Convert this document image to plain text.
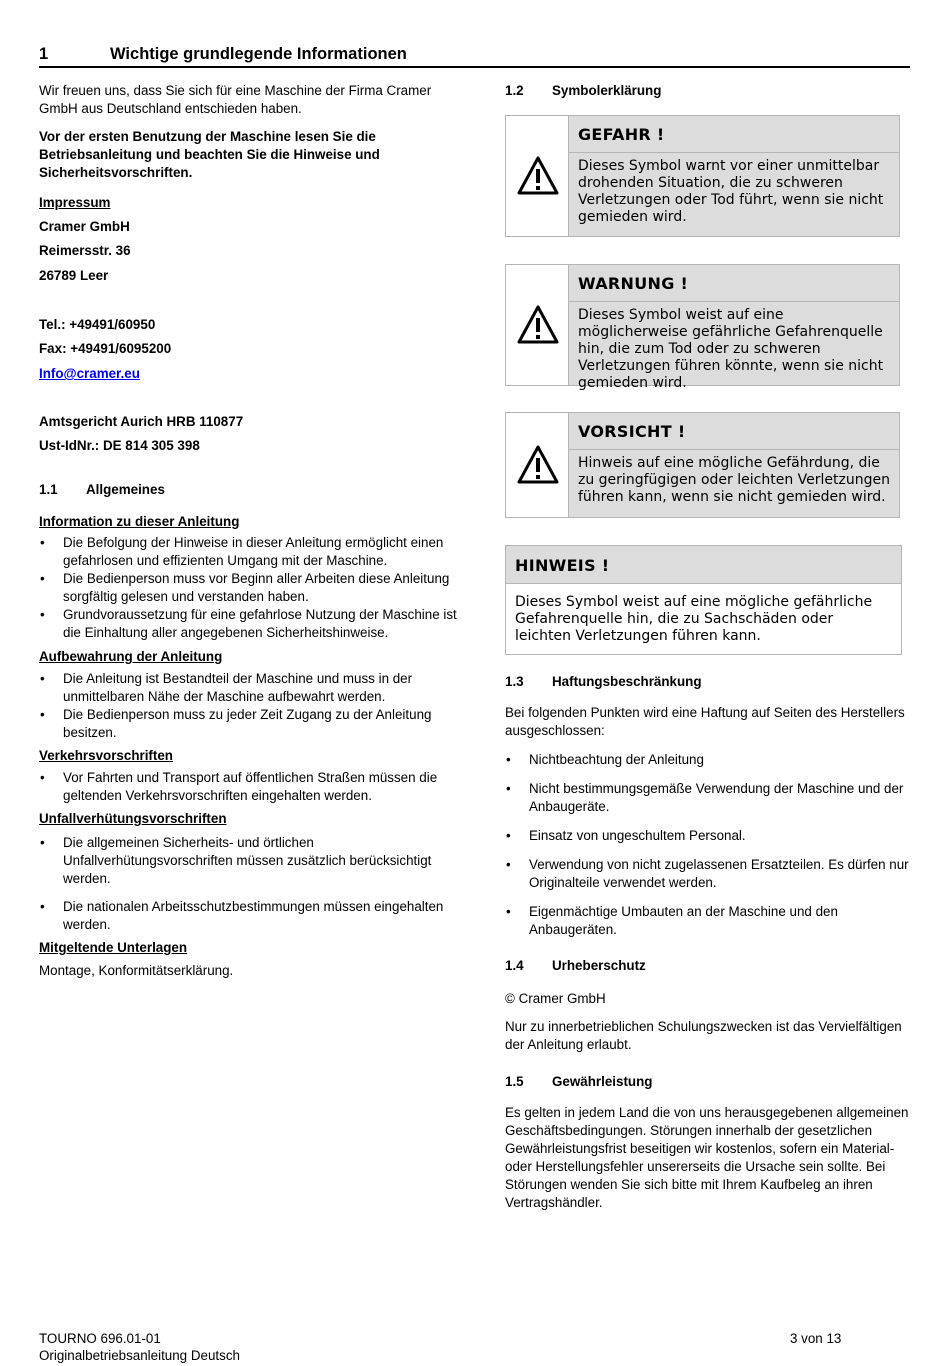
1	Wichtige grundlegende Informationen

Wir freuen uns, dass Sie sich für eine Maschine der Firma Cramer GmbH aus Deutschland entschieden haben.

Vor der ersten Benutzung der Maschine lesen Sie die Betriebsanleitung und beachten Sie die Hinweise und Sicherheitsvorschriften.

Impressum

Cramer GmbH

Reimersstr. 36

26789 Leer

Tel.: +49491/60950

Fax: +49491/6095200

Info@cramer.eu

Amtsgericht Aurich HRB 110877

Ust-IdNr.: DE 814 305 398

1.1 Allgemeines

Information zu dieser Anleitung

• Die Befolgung der Hinweise in dieser Anleitung ermöglicht einen gefahrlosen und effizienten Umgang mit der Maschine.
• Die Bedienperson muss vor Beginn aller Arbeiten diese Anleitung sorgfältig gelesen und verstanden haben.
• Grundvoraussetzung für eine gefahrlose Nutzung der Maschine ist die Einhaltung aller angegebenen Sicherheitshinweise.

Aufbewahrung der Anleitung

• Die Anleitung ist Bestandteil der Maschine und muss in der unmittelbaren Nähe der Maschine aufbewahrt werden.
• Die Bedienperson muss zu jeder Zeit Zugang zu der Anleitung besitzen.

Verkehrsvorschriften

• Vor Fahrten und Transport auf öffentlichen Straßen müssen die geltenden Verkehrsvorschriften eingehalten werden.

Unfallverhütungsvorschriften

• Die allgemeinen Sicherheits- und örtlichen Unfallverhütungsvorschriften müssen zusätzlich berücksichtigt werden.
• Die nationalen Arbeitsschutzbestimmungen müssen eingehalten werden.

Mitgeltende Unterlagen

Montage, Konformitätserklärung.

1.2 Symbolerklärung
GEFAHR !

Dieses Symbol warnt vor einer unmittelbar drohenden Situation, die zu schweren Verletzungen oder Tod führt, wenn sie nicht gemieden wird.

WARNUNG !

Dieses Symbol weist auf eine möglicherweise gefährliche Gefahrenquelle hin, die zum Tod oder zu schweren Verletzungen führen könnte, wenn sie nicht gemieden wird.

VORSICHT !

Hinweis auf eine mögliche Gefährdung, die zu geringfügigen oder leichten Verletzungen führen kann, wenn sie nicht gemieden wird.

HINWEIS !

Dieses Symbol weist auf eine mögliche gefährliche Gefahrenquelle hin, die zu Sachschäden oder leichten Verletzungen führen kann.

1.3 Haftungsbeschränkung

Bei folgenden Punkten wird eine Haftung auf Seiten des Herstellers ausgeschlossen:

• Nichtbeachtung der Anleitung
• Nicht bestimmungsgemäße Verwendung der Maschine und der Anbaugeräte.
• Einsatz von ungeschultem Personal.
• Verwendung von nicht zugelassenen Ersatzteilen. Es dürfen nur Originalteile verwendet werden.
• Eigenmächtige Umbauten an der Maschine und den Anbaugeräten.
1.4 Urheberschutz

© Cramer GmbH

Nur zu innerbetrieblichen Schulungszwecken ist das Vervielfältigen der Anleitung erlaubt.

1.5 Gewährleistung

Es gelten in jedem Land die von uns herausgegebenen allgemeinen Geschäftsbedingungen. Störungen innerhalb der gesetzlichen Gewährleistungsfrist beseitigen wir kostenlos, sofern ein Material- oder Herstellungsfehler unsererseits die Ursache sein sollte. Bei Störungen wenden Sie sich bitte mit Ihrem Kaufbeleg an ihren Vertragshändler.

TOURNO 696.01-01

Originalbetriebsanleitung Deutsch

3 von 13
